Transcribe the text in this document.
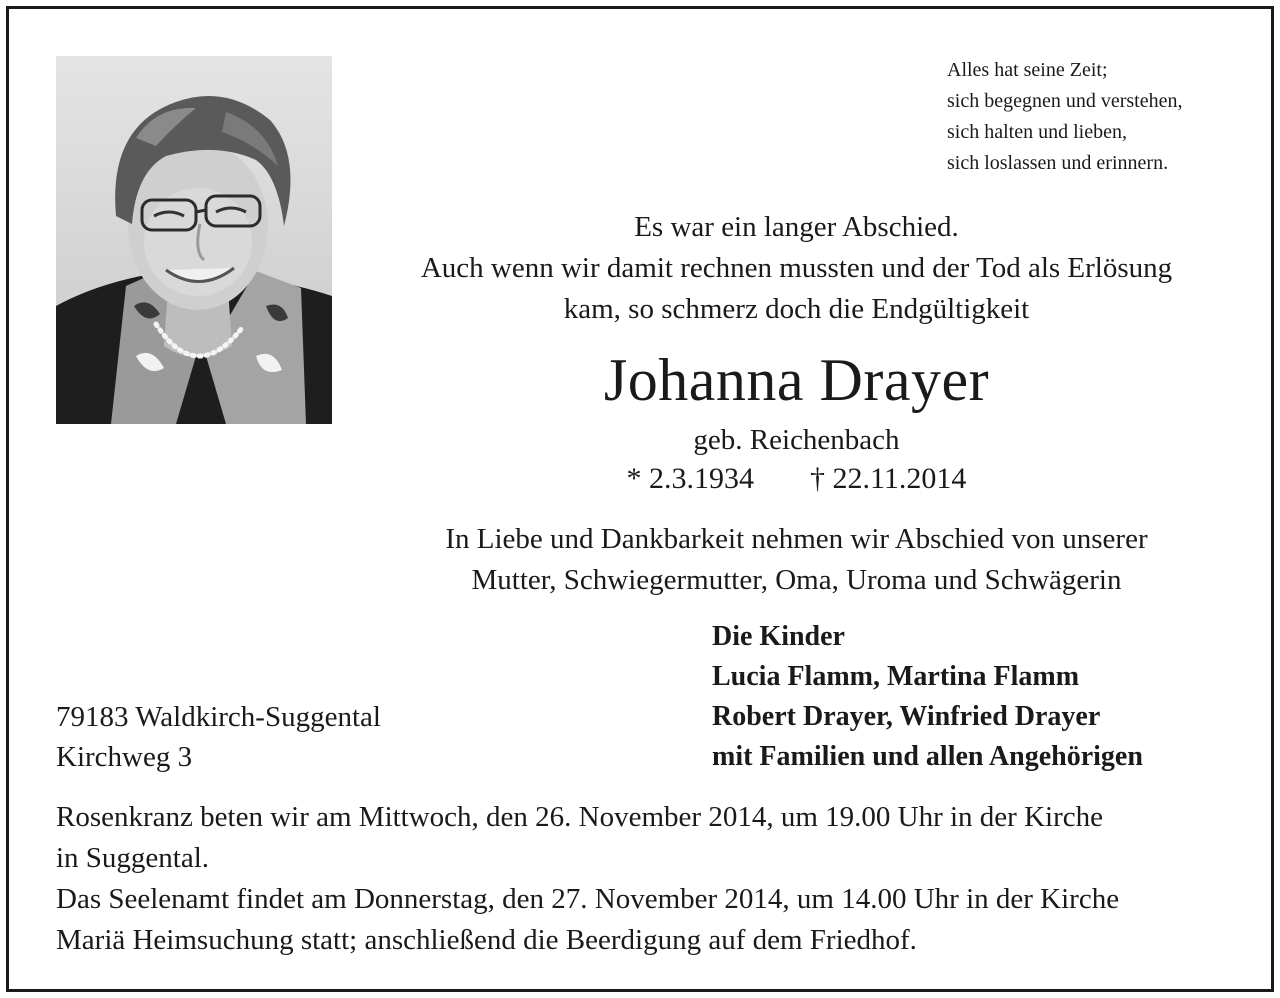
Alles hat seine Zeit;
sich begegnen und verstehen,
sich halten und lieben,
sich loslassen und erinnern.
Es war ein langer Abschied.
Auch wenn wir damit rechnen mussten und der Tod als Erlösung
kam, so schmerz doch die Endgültigkeit
Johanna Drayer
geb. Reichenbach
* 2.3.1934 † 22.11.2014
In Liebe und Dankbarkeit nehmen wir Abschied von unserer
Mutter, Schwiegermutter, Oma, Uroma und Schwägerin
Die Kinder
Lucia Flamm, Martina Flamm
Robert Drayer, Winfried Drayer
mit Familien und allen Angehörigen
79183 Waldkirch-Suggental
Kirchweg 3
Rosenkranz beten wir am Mittwoch, den 26. November 2014, um 19.00 Uhr in der Kirche
in Suggental.
Das Seelenamt findet am Donnerstag, den 27. November 2014, um 14.00 Uhr in der Kirche
Mariä Heimsuchung statt; anschließend die Beerdigung auf dem Friedhof.
